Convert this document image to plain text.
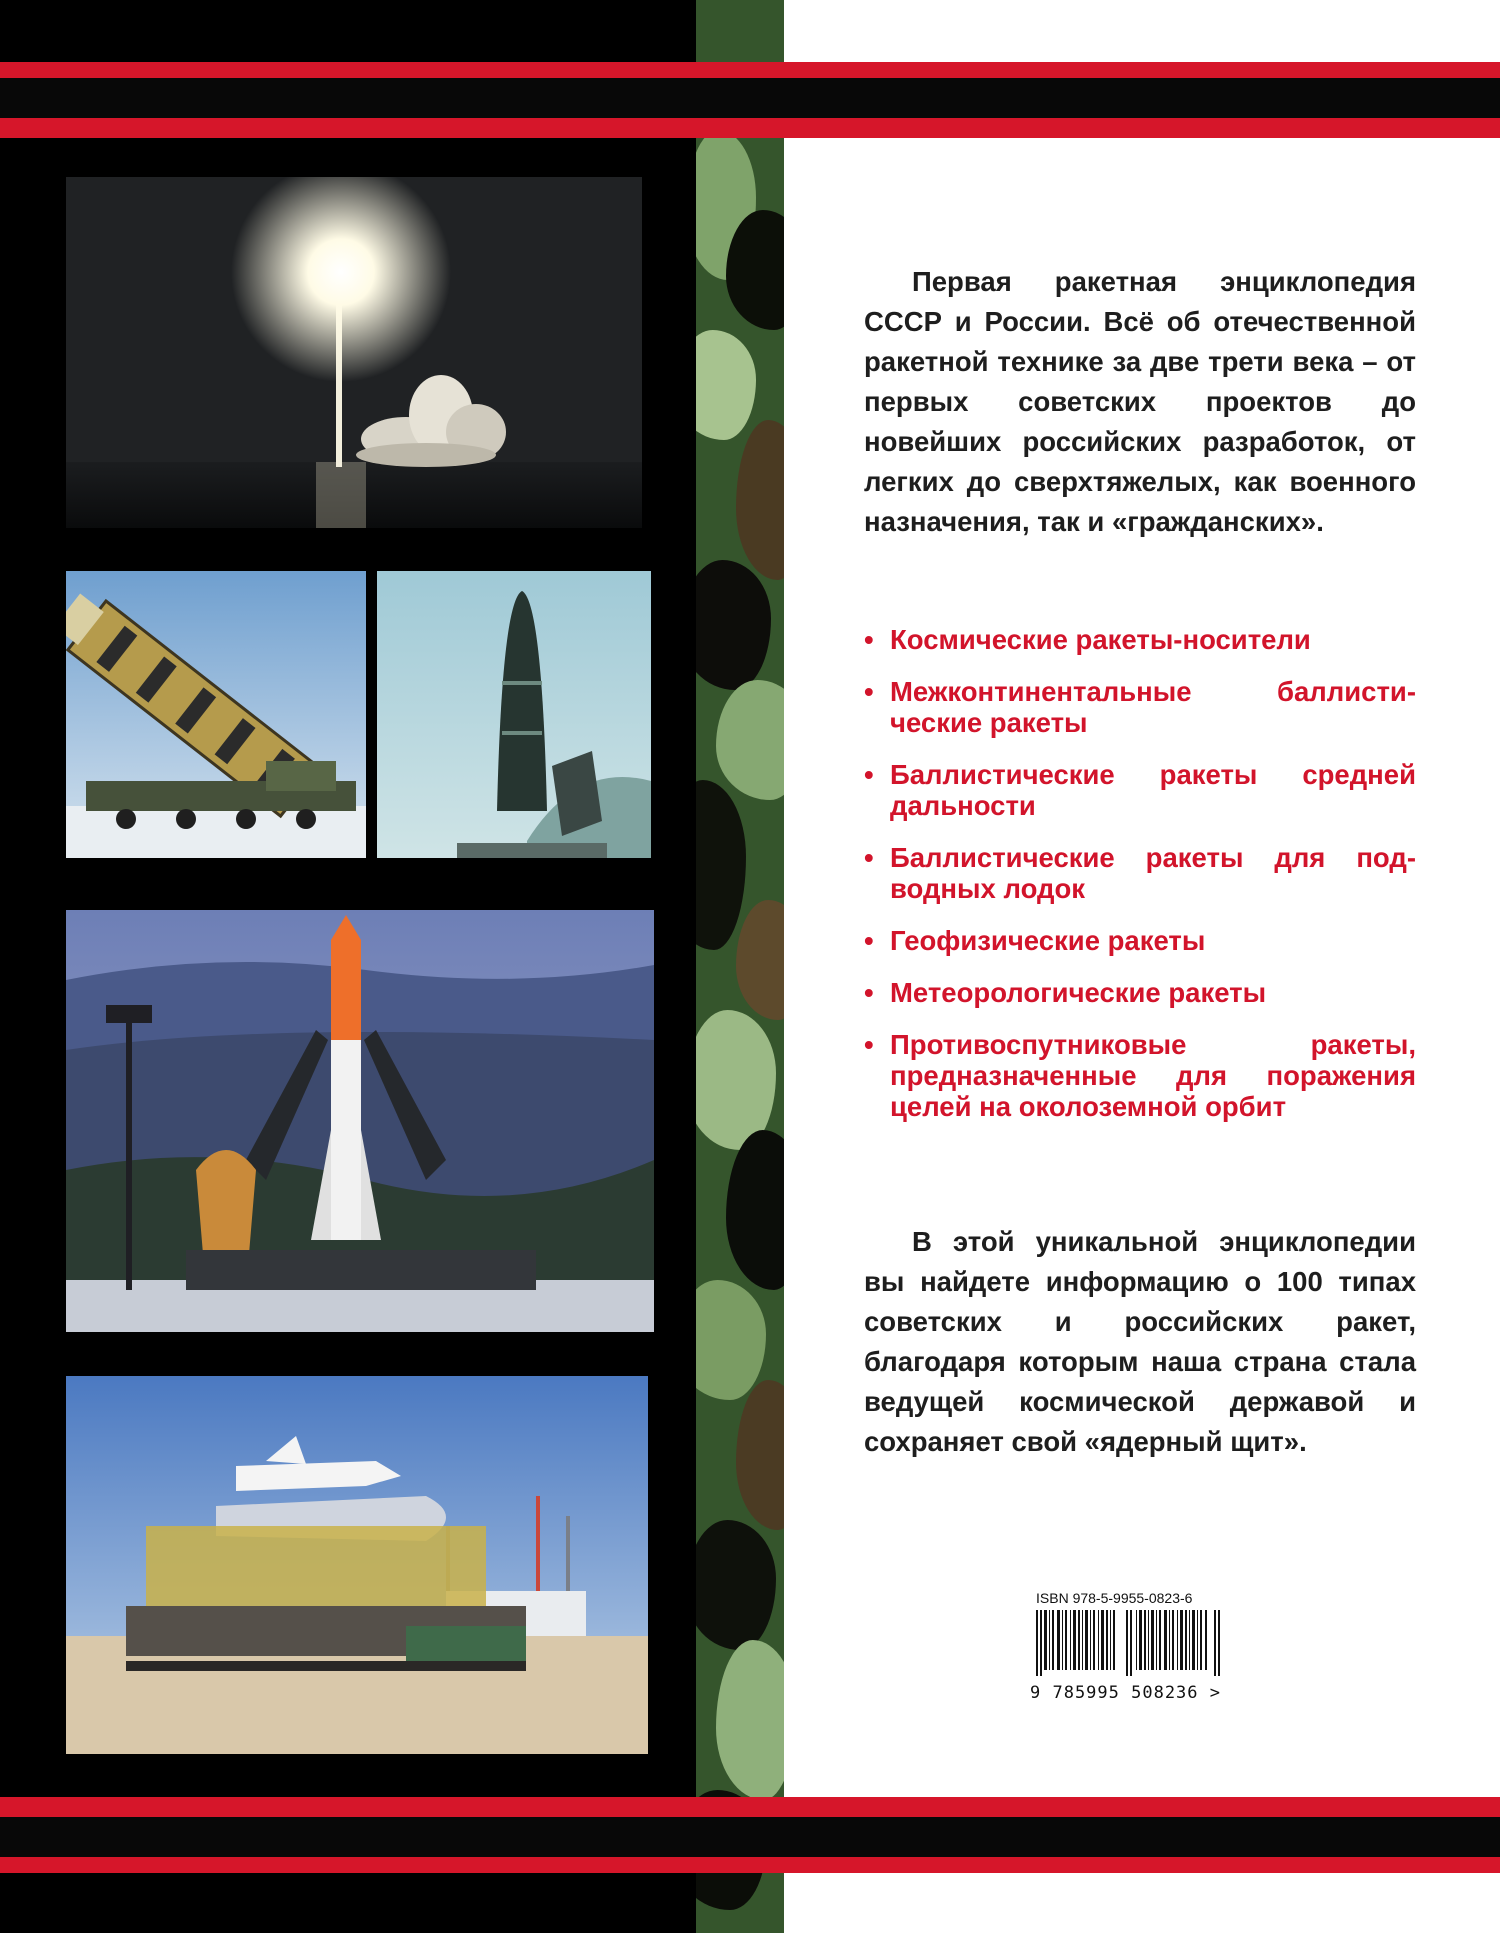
Первая ракетная энциклопедия СССР и России. Всё об отечественной ракетной технике за две трети века – от первых советских проектов до новейших российских разработок, от легких до сверхтяжелых, как военного назначения, так и «гражданских».

• Космические ракеты-носители
• Межконтинентальные баллистические ракеты
• Баллистические ракеты средней дальности
• Баллистические ракеты для подводных лодок
• Геофизические ракеты
• Метеорологические ракеты
• Противоспутниковые ракеты, предназначенные для поражения целей на околоземной орбит

В этой уникальной энциклопедии вы найдете информацию о 100 типах советских и российских ракет, благодаря которым наша страна стала ведущей космической державой и сохраняет свой «ядерный щит».

ISBN 978-5-9955-0823-6
9 785995 508236 >
